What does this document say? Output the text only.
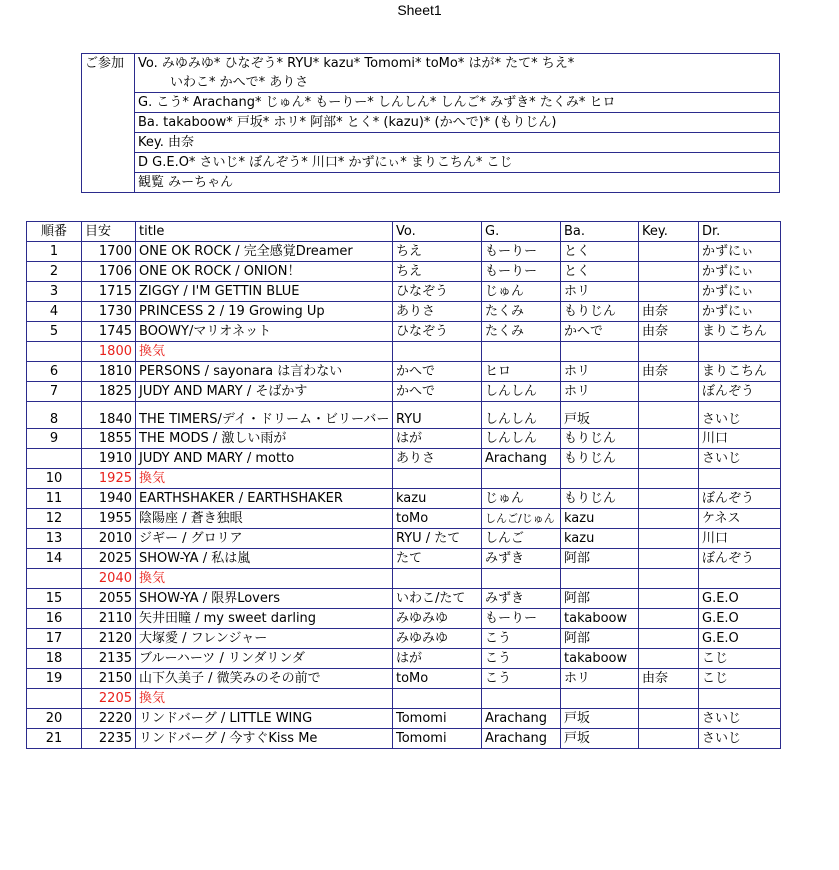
Sheet1
ご参加	Vo. みゆみゆ* ひなぞう* RYU* kazu* Tomomi* toMo* はが* たて* ちえ*
いわこ* かへで* ありさ

G. こう* Arachang* じゅん* もーりー* しんしん* しんご* みずき* たくみ* ヒロ
Ba. takaboow* 戸坂* ホリ* 阿部* とく* (kazu)* (かへで)* (もりじん)
Key. 由奈
D G.E.O* さいじ* ぼんぞう* 川口* かずにぃ* まりこちん* こじ
観覧 みーちゃん
順番	目安	title	Vo.	G.	Ba.	Key.	Dr.
1	1700	ONE OK ROCK / 完全感覚Dreamer	ちえ	もーりー	とく		かずにぃ
2	1706	ONE OK ROCK / ONION！	ちえ	もーりー	とく		かずにぃ
3	1715	ZIGGY / I'M GETTIN BLUE	ひなぞう	じゅん	ホリ		かずにぃ
4	1730	PRINCESS 2 / 19 Growing Up	ありさ	たくみ	もりじん	由奈	かずにぃ
5	1745	BOOWY/マリオネット	ひなぞう	たくみ	かへで	由奈	まりこちん
	1800	換気					
6	1810	PERSONS / sayonara は言わない	かへで	ヒロ	ホリ	由奈	まりこちん
7	1825	JUDY AND MARY / そばかす	かへで	しんしん	ホリ		ぼんぞう
8	1840	THE TIMERS/デイ・ドリーム・ビリーバー	RYU	しんしん	戸坂		さいじ
9	1855	THE MODS / 激しい雨が	はが	しんしん	もりじん		川口
	1910	JUDY AND MARY / motto	ありさ	Arachang	もりじん		さいじ
10	1925	換気					
11	1940	EARTHSHAKER / EARTHSHAKER	kazu	じゅん	もりじん		ぼんぞう
12	1955	陰陽座 / 蒼き独眼	toMo	しんご/じゅん	kazu		ケネス
13	2010	ジギー / グロリア	RYU / たて	しんご	kazu		川口
14	2025	SHOW-YA / 私は嵐	たて	みずき	阿部		ぼんぞう
	2040	換気					
15	2055	SHOW-YA / 限界Lovers	いわこ/たて	みずき	阿部		G.E.O
16	2110	矢井田瞳 / my sweet darling	みゆみゆ	もーりー	takaboow		G.E.O
17	2120	大塚愛 / フレンジャー	みゆみゆ	こう	阿部		G.E.O
18	2135	ブルーハーツ / リンダリンダ	はが	こう	takaboow		こじ
19	2150	山下久美子 / 微笑みのその前で	toMo	こう	ホリ	由奈	こじ
	2205	換気					
20	2220	リンドバーグ / LITTLE WING	Tomomi	Arachang	戸坂		さいじ
21	2235	リンドバーグ / 今すぐKiss Me	Tomomi	Arachang	戸坂		さいじ
